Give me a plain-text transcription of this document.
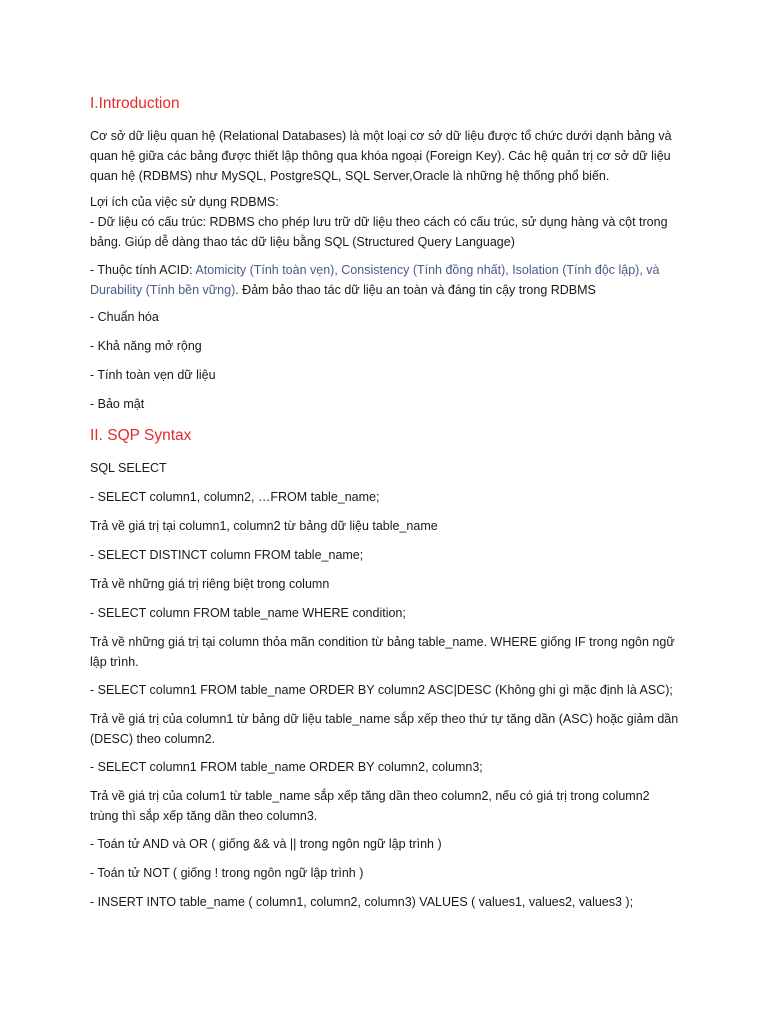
I.Introduction
Cơ sở dữ liệu quan hệ (Relational Databases) là một loại cơ sở dữ liệu được tổ chức dưới dạnh bảng và
quan hệ giữa các bảng được thiết lập thông qua khóa ngoại (Foreign Key). Các hệ quản trị cơ sở dữ liệu
quan hệ (RDBMS) như MySQL, PostgreSQL, SQL Server,Oracle là những hệ thống phổ biến.
Lợi ích của việc sử dụng RDBMS:
- Dữ liệu có cấu trúc: RDBMS cho phép lưu trữ dữ liệu theo cách có cấu trúc, sử dụng hàng và cột trong
bảng. Giúp dễ dàng thao tác dữ liệu bằng SQL (Structured Query Language)
- Thuộc tính ACID: Atomicity (Tính toàn vẹn), Consistency (Tính đồng nhất), Isolation (Tính độc lập), và
Durability (Tính bền vững). Đảm bảo thao tác dữ liệu an toàn và đáng tin cậy trong RDBMS
- Chuẩn hóa
- Khả năng mở rộng
- Tính toàn vẹn dữ liệu
- Bảo mật
II. SQP Syntax
SQL SELECT
- SELECT column1, column2, …FROM table_name;
Trả về giá trị tại column1, column2 từ bảng dữ liệu table_name
- SELECT DISTINCT column FROM table_name;
Trả về những giá trị riêng biệt trong column
- SELECT column FROM table_name WHERE condition;
Trả về những giá trị tại column thỏa mãn condition từ bảng table_name. WHERE giống IF trong ngôn ngữ
lập trình.
- SELECT column1 FROM table_name ORDER BY column2 ASC|DESC (Không ghi gì mặc định là ASC);
Trả về giá trị của column1 từ bảng dữ liệu table_name sắp xếp theo thứ tự tăng dần (ASC) hoặc giảm dần
(DESC) theo column2.
- SELECT column1 FROM table_name ORDER BY column2, column3;
Trả về giá trị của colum1 từ table_name sắp xếp tăng dần theo column2, nếu có giá trị trong column2
trùng thì sắp xếp tăng dần theo column3.
- Toán tử AND và OR ( giống && và || trong ngôn ngữ lập trình )
- Toán tử NOT ( giống ! trong ngôn ngữ lập trình )
- INSERT INTO table_name ( column1, column2, column3) VALUES ( values1, values2, values3 );
